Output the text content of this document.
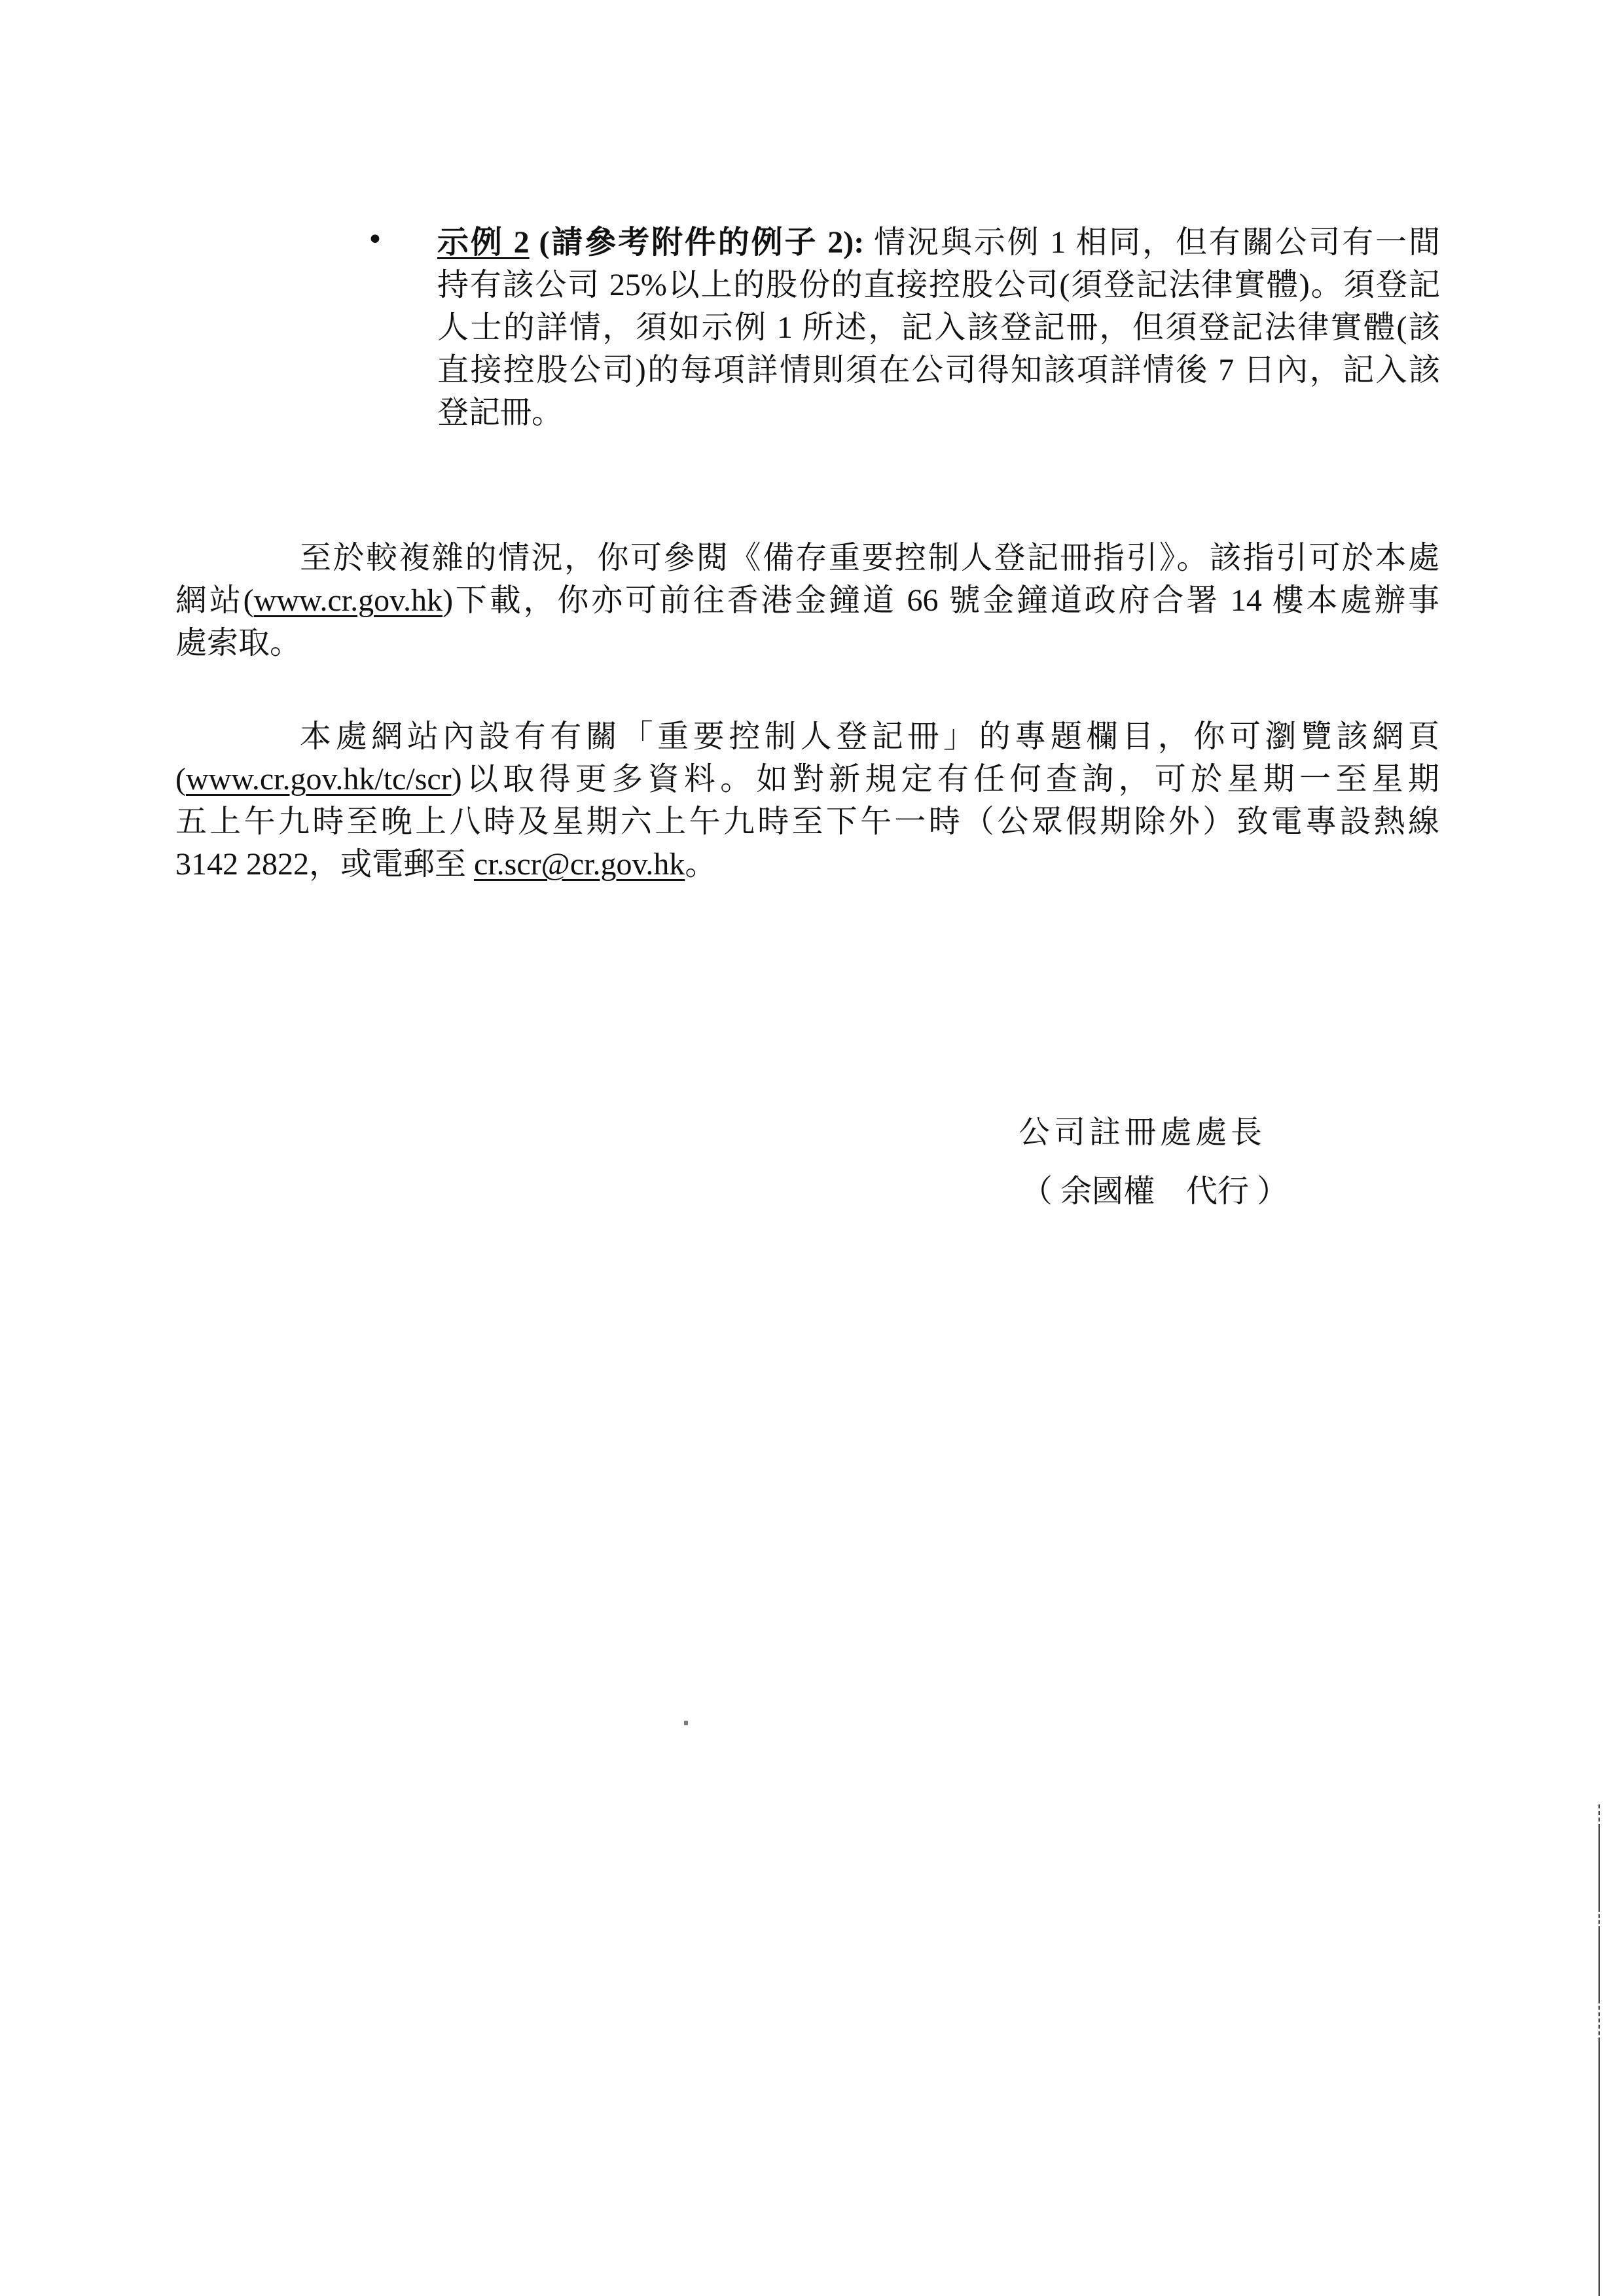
• 示例 2 (請參考附件的例子 2): 情況與示例 1 相同，但有關公司有一間
持有該公司 25%以上的股份的直接控股公司(須登記法律實體)。須登記
人士的詳情，須如示例 1 所述，記入該登記冊，但須登記法律實體(該
直接控股公司)的每項詳情則須在公司得知該項詳情後 7 日內，記入該
登記冊。
至於較複雜的情況，你可參閱《備存重要控制人登記冊指引》。該指引可於本處
網站(www.cr.gov.hk)下載，你亦可前往香港金鐘道 66 號金鐘道政府合署 14 樓本處辦事
處索取。
本處網站內設有有關「重要控制人登記冊」的專題欄目，你可瀏覽該網頁
(www.cr.gov.hk/tc/scr)以取得更多資料。如對新規定有任何查詢，可於星期一至星期
五上午九時至晚上八時及星期六上午九時至下午一時（公眾假期除外）致電專設熱線
3142 2822，或電郵至 cr.scr@cr.gov.hk。
公司註冊處處長
（ 余國權　代行 ）
